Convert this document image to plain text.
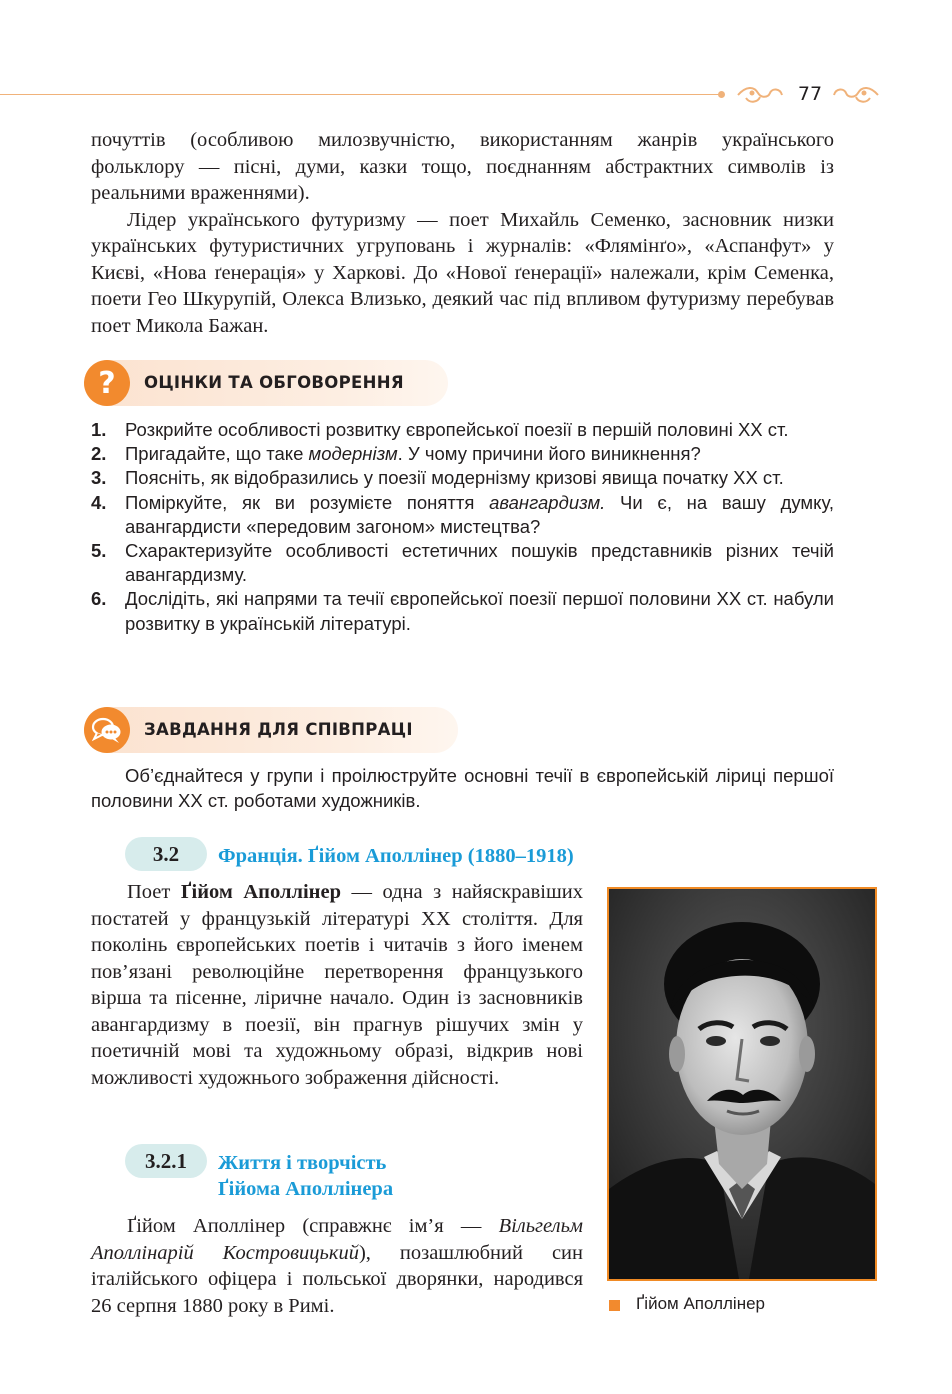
77

почуттів (особливою милозвучністю, використанням жанрів українського фольклору — пісні, думи, казки тощо, поєднанням абстрактних символів із реальними враженнями).

Лідер українського футуризму — поет Михайль Семенко, засновник низки українських футуристичних угруповань і журналів: «Флямінґо», «Аспанфут» у Києві, «Нова ґенерація» у Харкові. До «Нової ґенерації» належали, крім Семенка, поети Гео Шкурупій, Олекса Влизько, деякий час під впливом футуризму перебував поет Микола Бажан.

? ОЦІНКИ ТА ОБГОВОРЕННЯ
1. Розкрийте особливості розвитку європейської поезії в першій половині ХХ ст.
2. Пригадайте, що таке модернізм. У чому причини його виникнення?
3. Поясніть, як відобразились у поезії модернізму кризові явища початку ХХ ст.
4. Поміркуйте, як ви розумієте поняття авангардизм. Чи є, на вашу думку, авангардисти «передовим загоном» мистецтва?
5. Схарактеризуйте особливості естетичних пошуків представників різних течій авангардизму.
6. Дослідіть, які напрями та течії європейської поезії першої половини ХХ ст. набули розвитку в українській літературі.
ЗАВДАННЯ ДЛЯ СПІВПРАЦІ

Об’єднайтеся у групи і проілюструйте основні течії в європейській ліриці першої половини ХХ ст. роботами художників.

3.2	Франція. Ґійом Аполлінер (1880–1918)

Поет Ґійом Аполлінер — одна з найяскравіших постатей у французькій літературі ХХ століття. Для поколінь європейських поетів і читачів з його іменем пов’язані революційне перетворення французького вірша та пісенне, ліричне начало. Один із засновників авангардизму в поезії, він прагнув рішучих змін у поетичній мові та художньому образі, відкрив нові можливості художнього зображення дійсності.

3.2.1	Життя і творчість
Ґійома Аполлінера

Ґійом Аполлінер (справжнє ім’я — Вільгельм Аполлінарій Костровицький), позашлюбний син італійського офіцера і польської дворянки, народився 26 серпня 1880 року в Римі.	Ґійом Аполлінер
